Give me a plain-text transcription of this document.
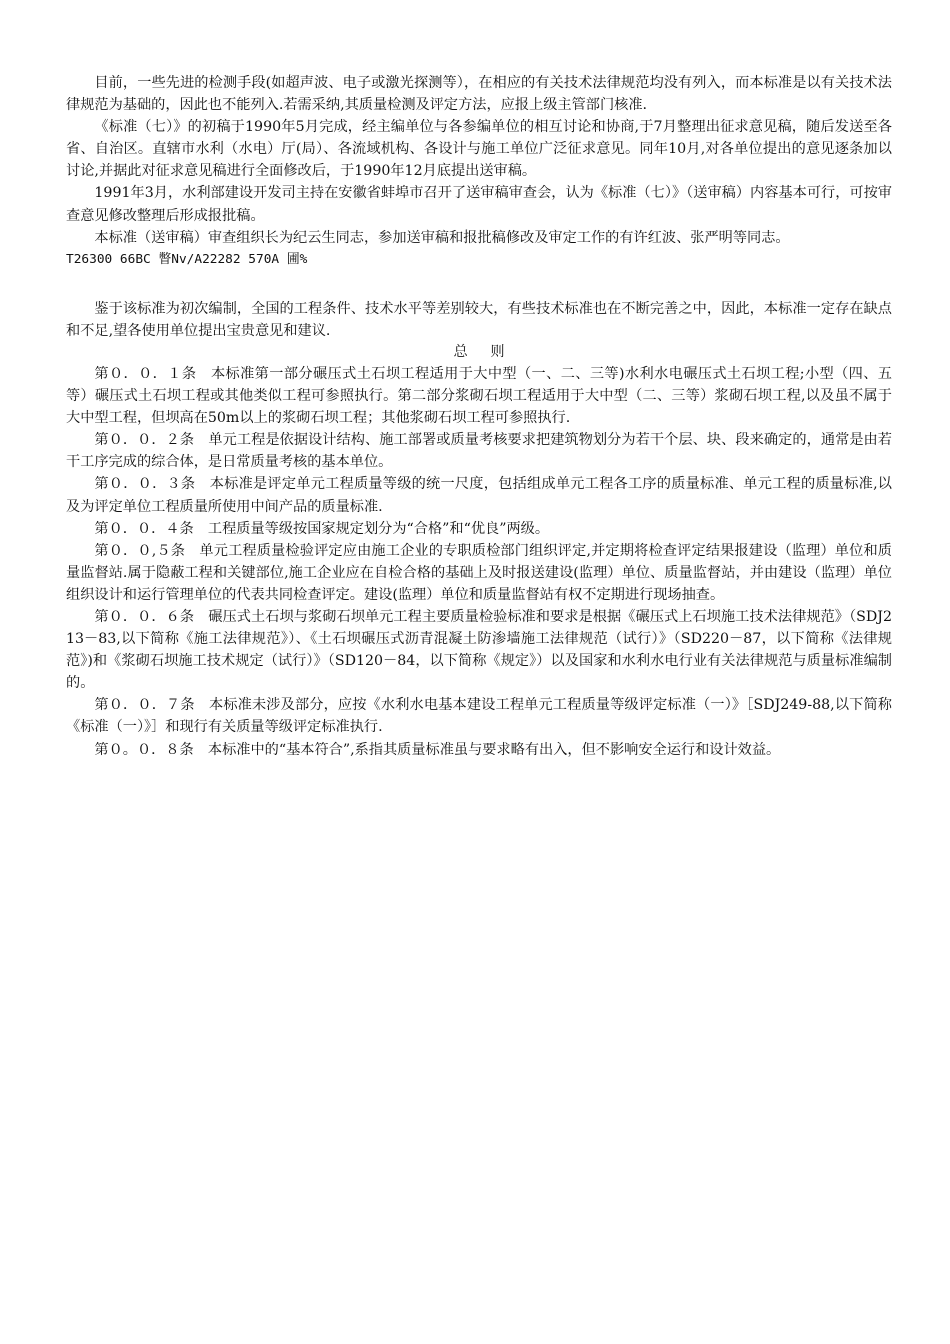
目前，一些先进的检测手段(如超声波、电子或激光探测等），在相应的有关技术法律规范均没有列入，而本标准是以有关技术法律规范为基础的，因此也不能列入.若需采纳,其质量检测及评定方法，应报上级主管部门核准.

《标准（七）》的初稿于1990年5月完成，经主编单位与各参编单位的相互讨论和协商,于7月整理出征求意见稿，随后发送至各省、自治区。直辖市水利（水电）厅(局）、各流域机构、各设计与施工单位广泛征求意见。同年10月,对各单位提出的意见逐条加以讨论,并据此对征求意见稿进行全面修改后，于1990年12月底提出送审稿。

1991年3月，水利部建设开发司主持在安徽省蚌埠市召开了送审稿审查会，认为《标准（七）》（送审稿）内容基本可行，可按审查意见修改整理后形成报批稿。

本标准（送审稿）审查组织长为纪云生同志，参加送审稿和报批稿修改及审定工作的有许红波、张严明等同志。

T26300 66BC 瞥Nv/A22282 570A 圃%

鉴于该标准为初次编制，全国的工程条件、技术水平等差别较大，有些技术标准也在不断完善之中，因此，本标准一定存在缺点和不足,望各使用单位提出宝贵意见和建议.

总则

第０．０．１条　本标准第一部分碾压式土石坝工程适用于大中型（一、二、三等)水利水电碾压式土石坝工程;小型（四、五等）碾压式土石坝工程或其他类似工程可参照执行。第二部分浆砌石坝工程适用于大中型（二、三等）浆砌石坝工程,以及虽不属于大中型工程，但坝高在50m以上的浆砌石坝工程；其他浆砌石坝工程可参照执行.

第０．０．２条　单元工程是依据设计结构、施工部署或质量考核要求把建筑物划分为若干个层、块、段来确定的，通常是由若干工序完成的综合体，是日常质量考核的基本单位。

第０．０．３条　本标准是评定单元工程质量等级的统一尺度，包括组成单元工程各工序的质量标准、单元工程的质量标准,以及为评定单位工程质量所使用中间产品的质量标准.

第０．０．４条　工程质量等级按国家规定划分为“合格”和“优良”两级。

第０．０,５条　单元工程质量检验评定应由施工企业的专职质检部门组织评定,并定期将检查评定结果报建设（监理）单位和质量监督站.属于隐蔽工程和关键部位,施工企业应在自检合格的基础上及时报送建设(监理）单位、质量监督站，并由建设（监理）单位组织设计和运行管理单位的代表共同检查评定。建设(监理）单位和质量监督站有权不定期进行现场抽查。

第０．０．６条　碾压式土石坝与浆砌石坝单元工程主要质量检验标准和要求是根据《碾压式上石坝施工技术法律规范》（SDJ213－83,以下简称《施工法律规范》）、《土石坝碾压式沥青混凝土防渗墙施工法律规范（试行）》（SD220－87，以下简称《法律规范》)和《浆砌石坝施工技术规定（试行）》（SD120－84，以下简称《规定》）以及国家和水利水电行业有关法律规范与质量标准编制的。

第０．０．７条　本标准未涉及部分，应按《水利水电基本建设工程单元工程质量等级评定标准（一）》［SDJ249-88,以下简称《标准（一）》］和现行有关质量等级评定标准执行.

第０。０．８条　本标准中的“基本符合”,系指其质量标准虽与要求略有出入，但不影响安全运行和设计效益。
